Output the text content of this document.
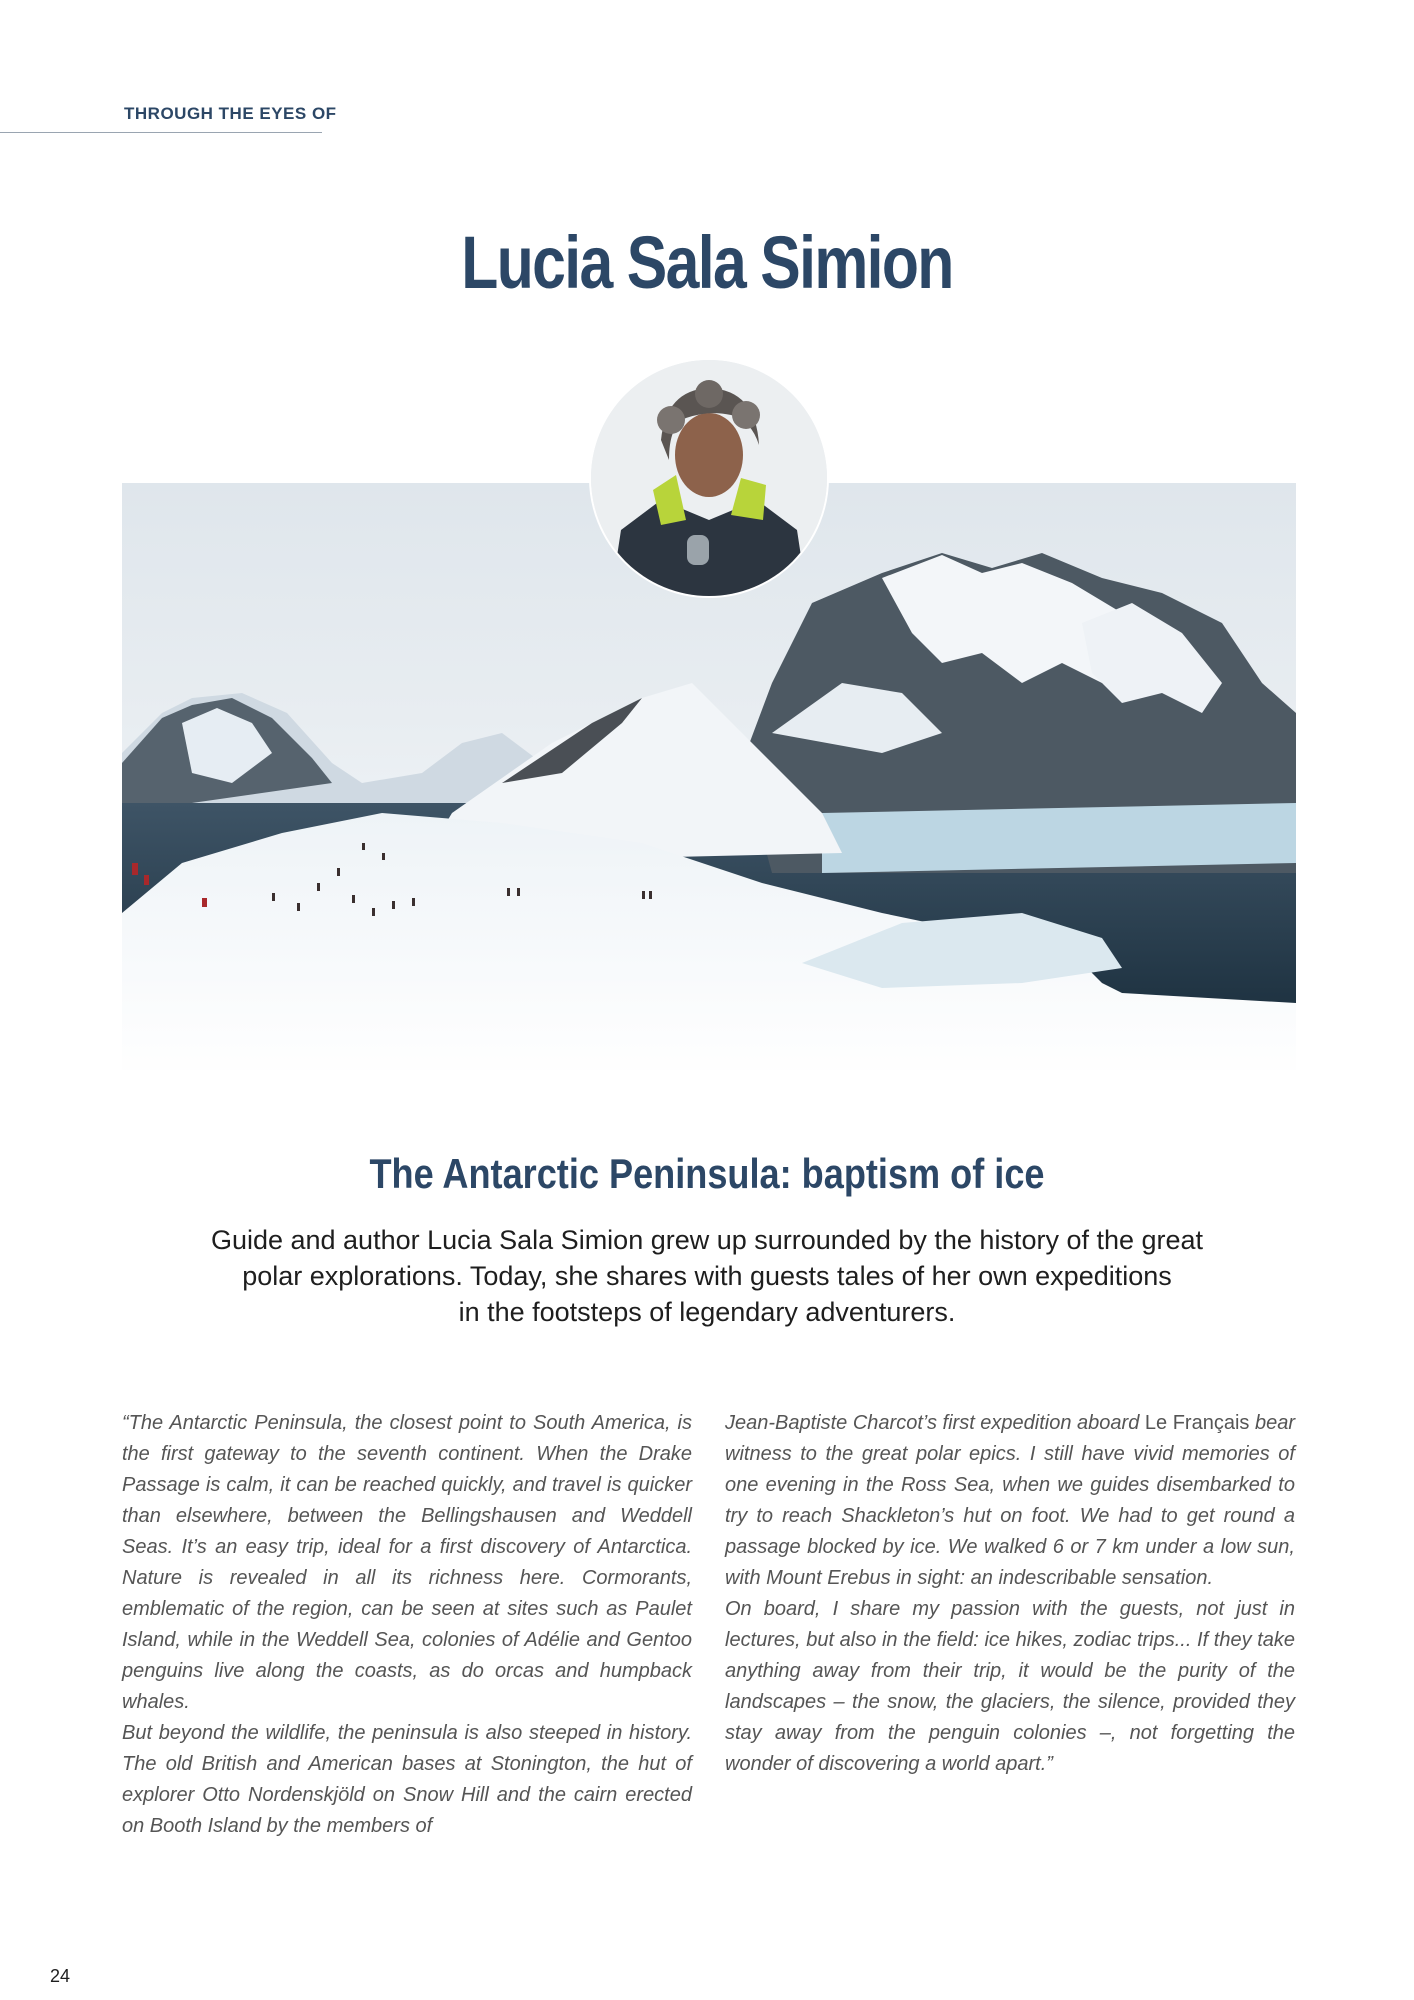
THROUGH THE EYES OF
Lucia Sala Simion
The Antarctic Peninsula: baptism of ice
Guide and author Lucia Sala Simion grew up surrounded by the history of the great
polar explorations. Today, she shares with guests tales of her own expeditions
in the footsteps of legendary adventurers.

“The Antarctic Peninsula, the closest point to South America, is the first gateway to the seventh continent. When the Drake Passage is calm, it can be reached quickly, and travel is quicker than elsewhere, between the Bellingshausen and Weddell Seas. It’s an easy trip, ideal for a first discovery of Antarctica. Nature is revealed in all its richness here. Cormorants, emblematic of the region, can be seen at sites such as Paulet Island, while in the Weddell Sea, colonies of Adélie and Gentoo penguins live along the coasts, as do orcas and humpback whales.

But beyond the wildlife, the peninsula is also steeped in history. The old British and American bases at Stonington, the hut of explorer Otto Nordenskjöld on Snow Hill and the cairn erected on Booth Island by the members of

Jean-Baptiste Charcot’s first expedition aboard Le Français bear witness to the great polar epics. I still have vivid memories of one evening in the Ross Sea, when we guides disembarked to try to reach Shackleton’s hut on foot. We had to get round a passage blocked by ice. We walked 6 or 7 km under a low sun, with Mount Erebus in sight: an indescribable sensation.

On board, I share my passion with the guests, not just in lectures, but also in the field: ice hikes, zodiac trips... If they take anything away from their trip, it would be the purity of the landscapes – the snow, the glaciers, the silence, provided they stay away from the penguin colonies –, not forgetting the wonder of discovering a world apart.”

24
